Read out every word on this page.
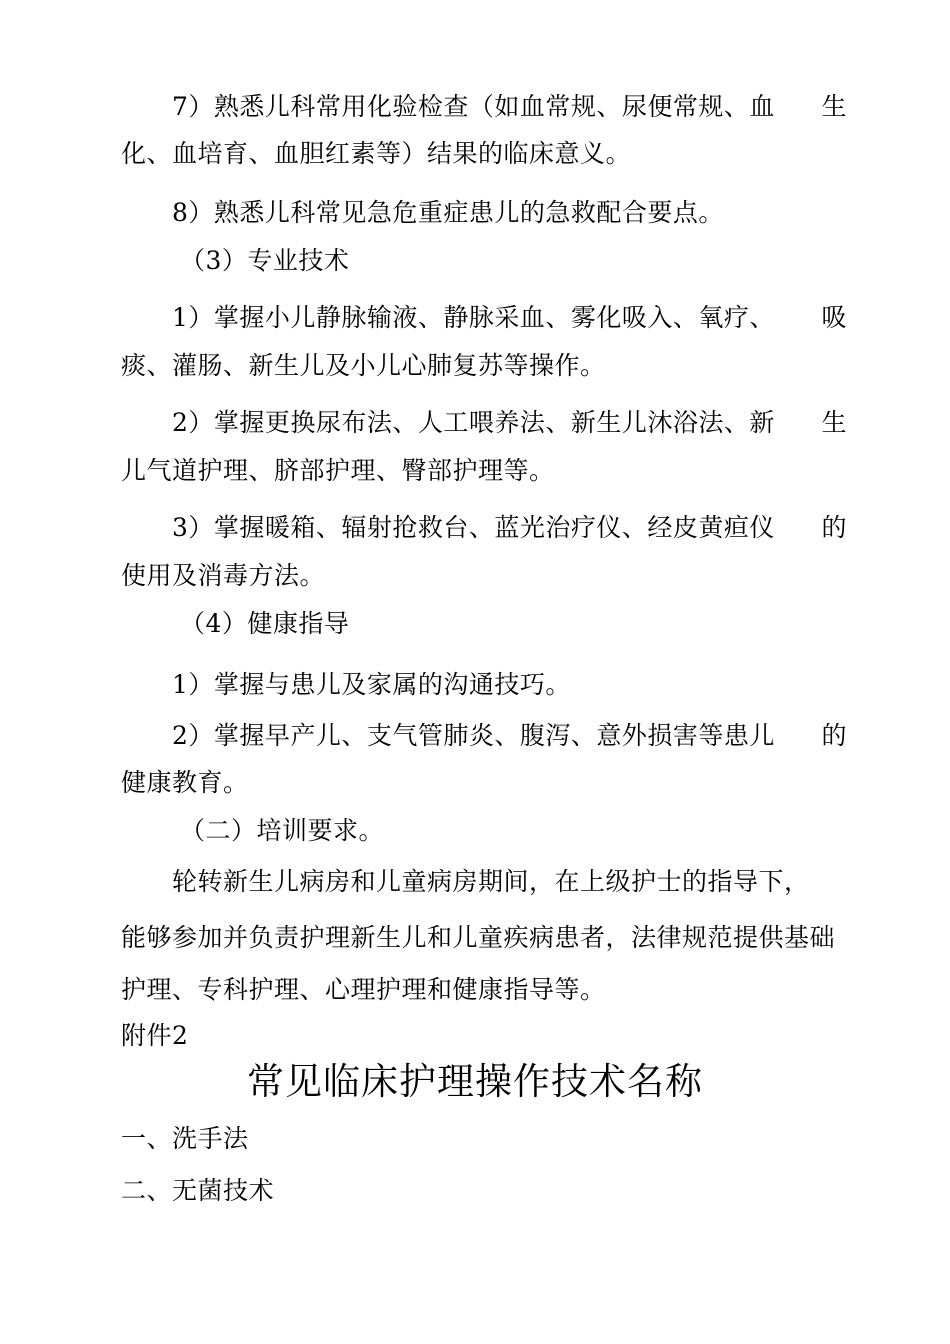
7）熟悉儿科常用化验检查（如血常规、尿便常规、血 生
化、血培育、血胆红素等）结果的临床意义。
8）熟悉儿科常见急危重症患儿的急救配合要点。
（3）专业技术
1）掌握小儿静脉输液、静脉采血、雾化吸入、氧疗、 吸
痰、灌肠、新生儿及小儿心肺复苏等操作。
2）掌握更换尿布法、人工喂养法、新生儿沐浴法、新 生
儿气道护理、脐部护理、臀部护理等。
3）掌握暖箱、辐射抢救台、蓝光治疗仪、经皮黄疸仪 的
使用及消毒方法。
（4）健康指导
1）掌握与患儿及家属的沟通技巧。
2）掌握早产儿、支气管肺炎、腹泻、意外损害等患儿 的
健康教育。
（二）培训要求。
轮转新生儿病房和儿童病房期间，在上级护士的指导下，
能够参加并负责护理新生儿和儿童疾病患者，法律规范提供基础
护理、专科护理、心理护理和健康指导等。
附件2
常见临床护理操作技术名称
一、洗手法
二、无菌技术
